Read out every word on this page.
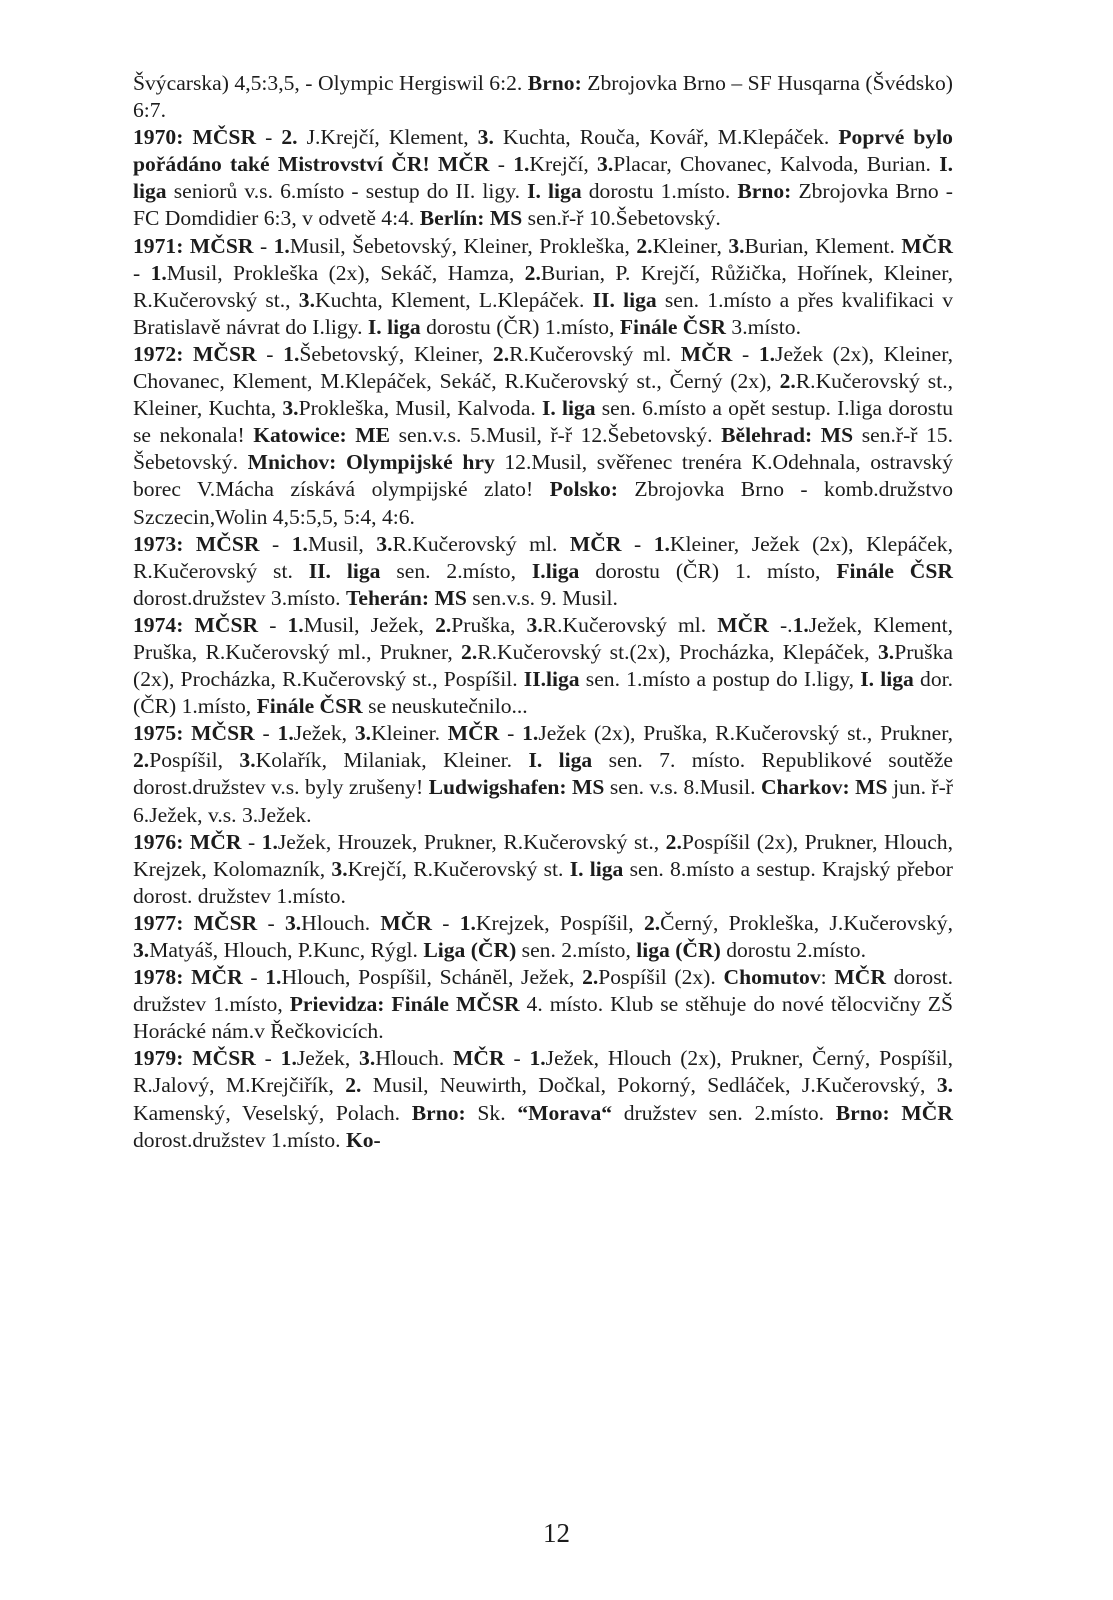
Švýcarska) 4,5:3,5, - Olympic Hergiswil 6:2. Brno: Zbrojovka Brno – SF Husqarna (Švédsko) 6:7.

1970: MČSR - 2. J.Krejčí, Klement, 3. Kuchta, Rouča, Kovář, M.Klepáček. Poprvé bylo pořádáno také Mistrovství ČR! MČR - 1.Krejčí, 3.Placar, Chovanec, Kalvoda, Burian. I. liga seniorů v.s. 6.místo - sestup do II. ligy. I. liga dorostu 1.místo. Brno: Zbrojovka Brno - FC Domdidier 6:3, v odvetě 4:4. Berlín: MS sen.ř-ř 10.Šebetovský.

1971: MČSR - 1.Musil, Šebetovský, Kleiner, Prokleška, 2.Kleiner, 3.Burian, Klement. MČR - 1.Musil, Prokleška (2x), Sekáč, Hamza, 2.Burian, P. Krejčí, Růžička, Hořínek, Kleiner, R.Kučerovský st., 3.Kuchta, Klement, L.Klepáček. II. liga sen. 1.místo a přes kvalifikaci v Bratislavě návrat do I.ligy. I. liga dorostu (ČR) 1.místo, Finále ČSR 3.místo.

1972: MČSR - 1.Šebetovský, Kleiner, 2.R.Kučerovský ml. MČR - 1.Ježek (2x), Kleiner, Chovanec, Klement, M.Klepáček, Sekáč, R.Kučerovský st., Černý (2x), 2.R.Kučerovský st., Kleiner, Kuchta, 3.Prokleška, Musil, Kalvoda. I. liga sen. 6.místo a opět sestup. I.liga dorostu se nekonala! Katowice: ME sen.v.s. 5.Musil, ř-ř 12.Šebetovský. Bělehrad: MS sen.ř-ř 15. Šebetovský. Mnichov: Olympijské hry 12.Musil, svěřenec trenéra K.Odehnala, ostravský borec V.Mácha získává olympijské zlato! Polsko: Zbrojovka Brno - komb.družstvo Szczecin,Wolin 4,5:5,5, 5:4, 4:6.

1973: MČSR - 1.Musil, 3.R.Kučerovský ml. MČR - 1.Kleiner, Ježek (2x), Klepáček, R.Kučerovský st. II. liga sen. 2.místo, I.liga dorostu (ČR) 1. místo, Finále ČSR dorost.družstev 3.místo. Teherán: MS sen.v.s. 9. Musil.

1974: MČSR - 1.Musil, Ježek, 2.Pruška, 3.R.Kučerovský ml. MČR -.1.Ježek, Klement, Pruška, R.Kučerovský ml., Prukner, 2.R.Kučerovský st.(2x), Procházka, Klepáček, 3.Pruška (2x), Procházka, R.Kučerovský st., Pospíšil. II.liga sen. 1.místo a postup do I.ligy, I. liga dor. (ČR) 1.místo, Finále ČSR se neuskutečnilo...

1975: MČSR - 1.Ježek, 3.Kleiner. MČR - 1.Ježek (2x), Pruška, R.Kučerovský st., Prukner, 2.Pospíšil, 3.Kolařík, Milaniak, Kleiner. I. liga sen. 7. místo. Republikové soutěže dorost.družstev v.s. byly zrušeny! Ludwigshafen: MS sen. v.s. 8.Musil. Charkov: MS jun. ř-ř 6.Ježek, v.s. 3.Ježek.

1976: MČR - 1.Ježek, Hrouzek, Prukner, R.Kučerovský st., 2.Pospíšil (2x), Prukner, Hlouch, Krejzek, Kolomazník, 3.Krejčí, R.Kučerovský st. I. liga sen. 8.místo a sestup. Krajský přebor dorost. družstev 1.místo.

1977: MČSR - 3.Hlouch. MČR - 1.Krejzek, Pospíšil, 2.Černý, Prokleška, J.Kučerovský, 3.Matyáš, Hlouch, P.Kunc, Rýgl. Liga (ČR) sen. 2.místo, liga (ČR) dorostu 2.místo.

1978: MČR - 1.Hlouch, Pospíšil, Schánĕl, Ježek, 2.Pospíšil (2x). Chomutov: MČR dorost. družstev 1.místo, Prievidza: Finále MČSR 4. místo. Klub se stěhuje do nové tělocvičny ZŠ Horácké nám.v Řečkovicích.

1979: MČSR - 1.Ježek, 3.Hlouch. MČR - 1.Ježek, Hlouch (2x), Prukner, Černý, Pospíšil, R.Jalový, M.Krejčiřík, 2. Musil, Neuwirth, Dočkal, Pokorný, Sedláček, J.Kučerovský, 3. Kamenský, Veselský, Polach. Brno: Sk. “Morava“ družstev sen. 2.místo. Brno: MČR dorost.družstev 1.místo. Ko-

12
